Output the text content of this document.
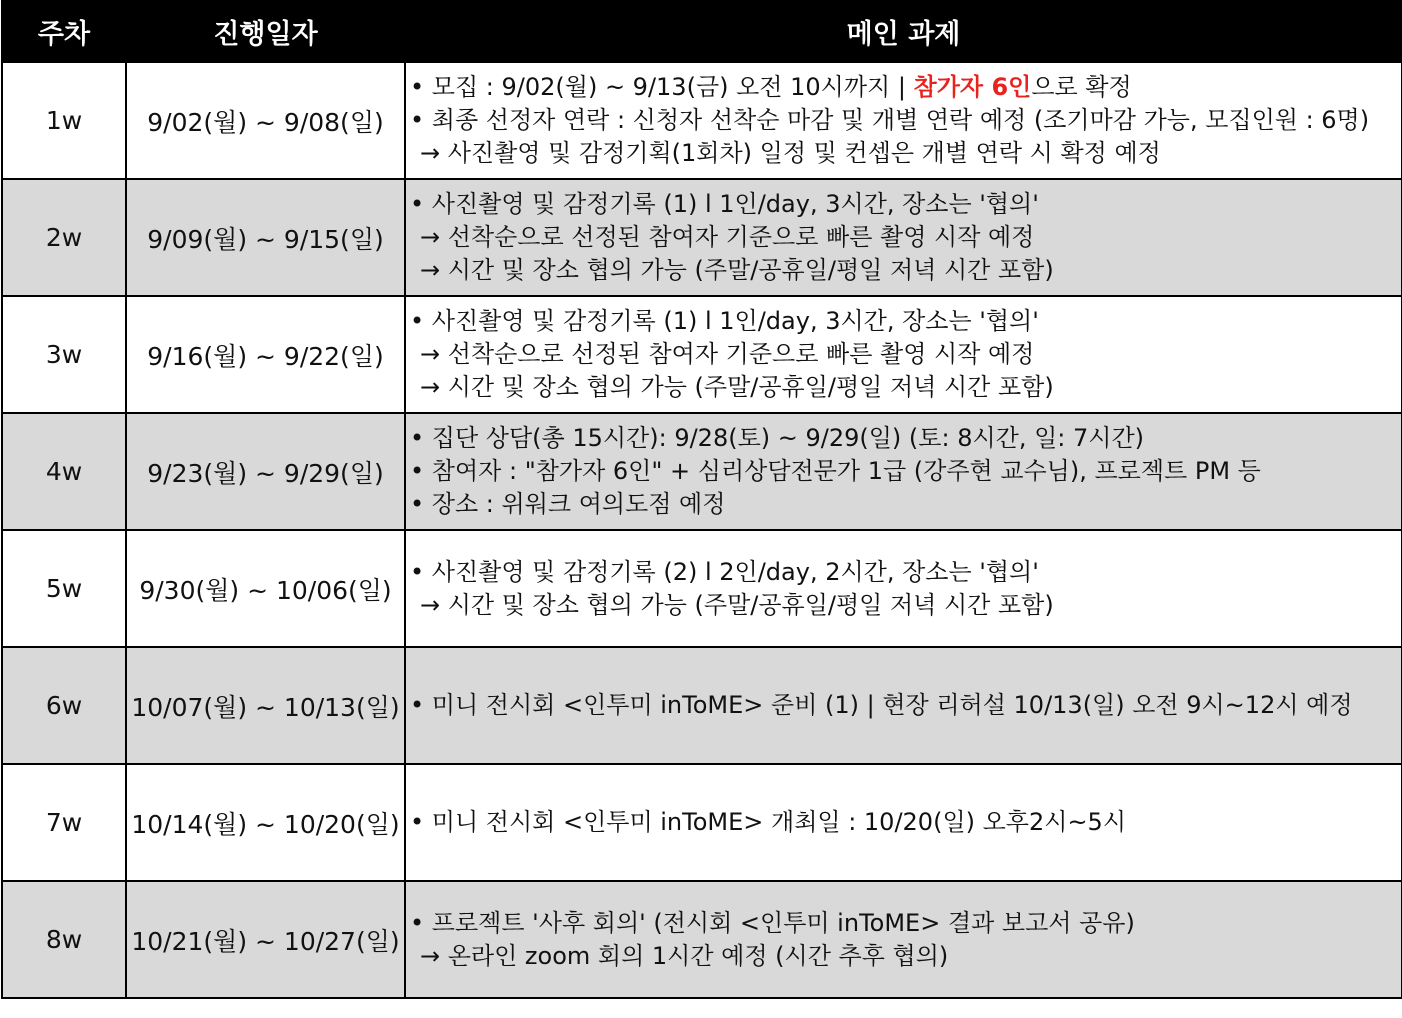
주차	진행일자	메인 과제
1w	9/02(월) ~ 9/08(일)	• 모집 : 9/02(월) ~ 9/13(금) 오전 10시까지 | 참가자 6인으로 확정
• 최종 선정자 연락 : 신청자 선착순 마감 및 개별 연락 예정 (조기마감 가능, 모집인원 : 6명)
→ 사진촬영 및 감정기획(1회차) 일정 및 컨셉은 개별 연락 시 확정 예정

2w	9/09(월) ~ 9/15(일)	• 사진촬영 및 감정기록 (1) l 1인/day, 3시간, 장소는 '협의'
→ 선착순으로 선정된 참여자 기준으로 빠른 촬영 시작 예정
→ 시간 및 장소 협의 가능 (주말/공휴일/평일 저녁 시간 포함)

3w	9/16(월) ~ 9/22(일)	• 사진촬영 및 감정기록 (1) l 1인/day, 3시간, 장소는 '협의'
→ 선착순으로 선정된 참여자 기준으로 빠른 촬영 시작 예정
→ 시간 및 장소 협의 가능 (주말/공휴일/평일 저녁 시간 포함)

4w	9/23(월) ~ 9/29(일)	• 집단 상담(총 15시간): 9/28(토) ~ 9/29(일) (토: 8시간, 일: 7시간)
• 참여자 : "참가자 6인" + 심리상담전문가 1급 (강주현 교수님), 프로젝트 PM 등
• 장소 : 위워크 여의도점 예정

5w	9/30(월) ~ 10/06(일)	• 사진촬영 및 감정기록 (2) l 2인/day, 2시간, 장소는 '협의'
→ 시간 및 장소 협의 가능 (주말/공휴일/평일 저녁 시간 포함)

6w	10/07(월) ~ 10/13(일)	• 미니 전시회 <인투미 inToME> 준비 (1) | 현장 리허설 10/13(일) 오전 9시~12시 예정

7w	10/14(월) ~ 10/20(일)	• 미니 전시회 <인투미 inToME> 개최일 : 10/20(일) 오후2시~5시

8w	10/21(월) ~ 10/27(일)	• 프로젝트 '사후 회의' (전시회 <인투미 inToME> 결과 보고서 공유)
→ 온라인 zoom 회의 1시간 예정 (시간 추후 협의)
